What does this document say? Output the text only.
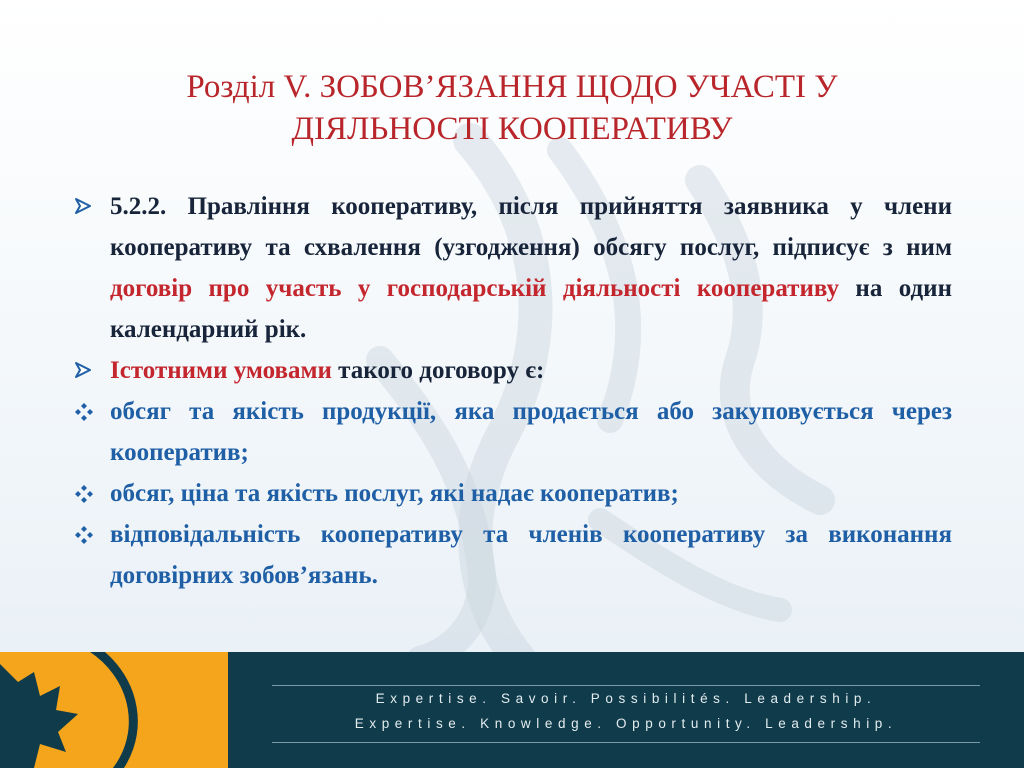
Розділ V. ЗОБОВ’ЯЗАННЯ ЩОДО УЧАСТІ У
ДІЯЛЬНОСТІ КООПЕРАТИВУ
5.2.2. Правління кооперативу, після прийняття заявника у члени кооперативу та схвалення (узгодження) обсягу послуг, підписує з ним договір про участь у господарській діяльності кооперативу на один календарний рік.
Істотними умовами такого договору є:
обсяг та якість продукції, яка продається або закуповується через кооператив;
обсяг, ціна та якість послуг, які надає кооператив;
відповідальність кооперативу та членів кооперативу за виконання договірних зобов’язань.
Expertise. Savoir. Possibilités. Leadership.
Expertise. Knowledge. Opportunity. Leadership.
